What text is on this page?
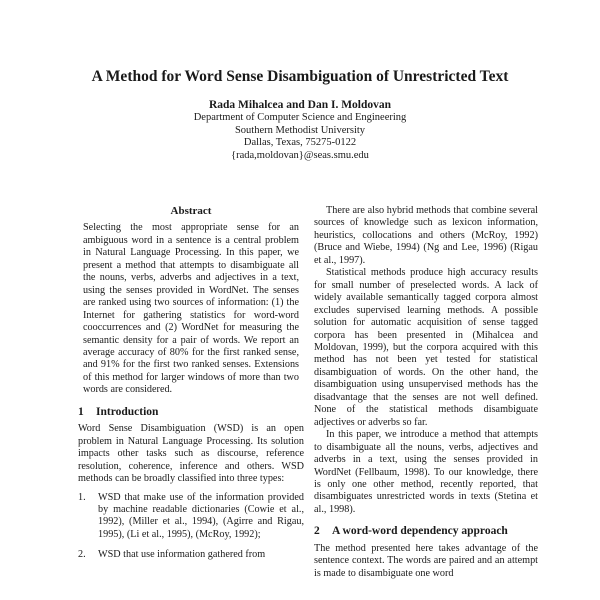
A Method for Word Sense Disambiguation of Unrestricted Text
Rada Mihalcea and Dan I. Moldovan
Department of Computer Science and Engineering
Southern Methodist University
Dallas, Texas, 75275-0122
{rada,moldovan}@seas.smu.edu
Abstract

Selecting the most appropriate sense for an ambiguous word in a sentence is a central problem in Natural Language Processing. In this paper, we present a method that attempts to disambiguate all the nouns, verbs, adverbs and adjectives in a text, using the senses provided in WordNet. The senses are ranked using two sources of information: (1) the Internet for gathering statistics for word-word cooccurrences and (2) WordNet for measuring the semantic density for a pair of words. We report an average accuracy of 80% for the first ranked sense, and 91% for the first two ranked senses. Extensions of this method for larger windows of more than two words are considered.

1	Introduction

Word Sense Disambiguation (WSD) is an open problem in Natural Language Processing. Its solution impacts other tasks such as discourse, reference resolution, coherence, inference and others. WSD methods can be broadly classified into three types:

1.	WSD that make use of the information provided by machine readable dictionaries (Cowie et al., 1992), (Miller et al., 1994), (Agirre and Rigau, 1995), (Li et al., 1995), (McRoy, 1992);
2.	WSD that use information gathered from

There are also hybrid methods that combine several sources of knowledge such as lexicon information, heuristics, collocations and others (McRoy, 1992) (Bruce and Wiebe, 1994) (Ng and Lee, 1996) (Rigau et al., 1997).

Statistical methods produce high accuracy results for small number of preselected words. A lack of widely available semantically tagged corpora almost excludes supervised learning methods. A possible solution for automatic acquisition of sense tagged corpora has been presented in (Mihalcea and Moldovan, 1999), but the corpora acquired with this method has not been yet tested for statistical disambiguation of words. On the other hand, the disambiguation using unsupervised methods has the disadvantage that the senses are not well defined. None of the statistical methods disambiguate adjectives or adverbs so far.

In this paper, we introduce a method that attempts to disambiguate all the nouns, verbs, adjectives and adverbs in a text, using the senses provided in WordNet (Fellbaum, 1998). To our knowledge, there is only one other method, recently reported, that disambiguates unrestricted words in texts (Stetina et al., 1998).

2	A word-word dependency approach

The method presented here takes advantage of the sentence context. The words are paired and an attempt is made to disambiguate one word
